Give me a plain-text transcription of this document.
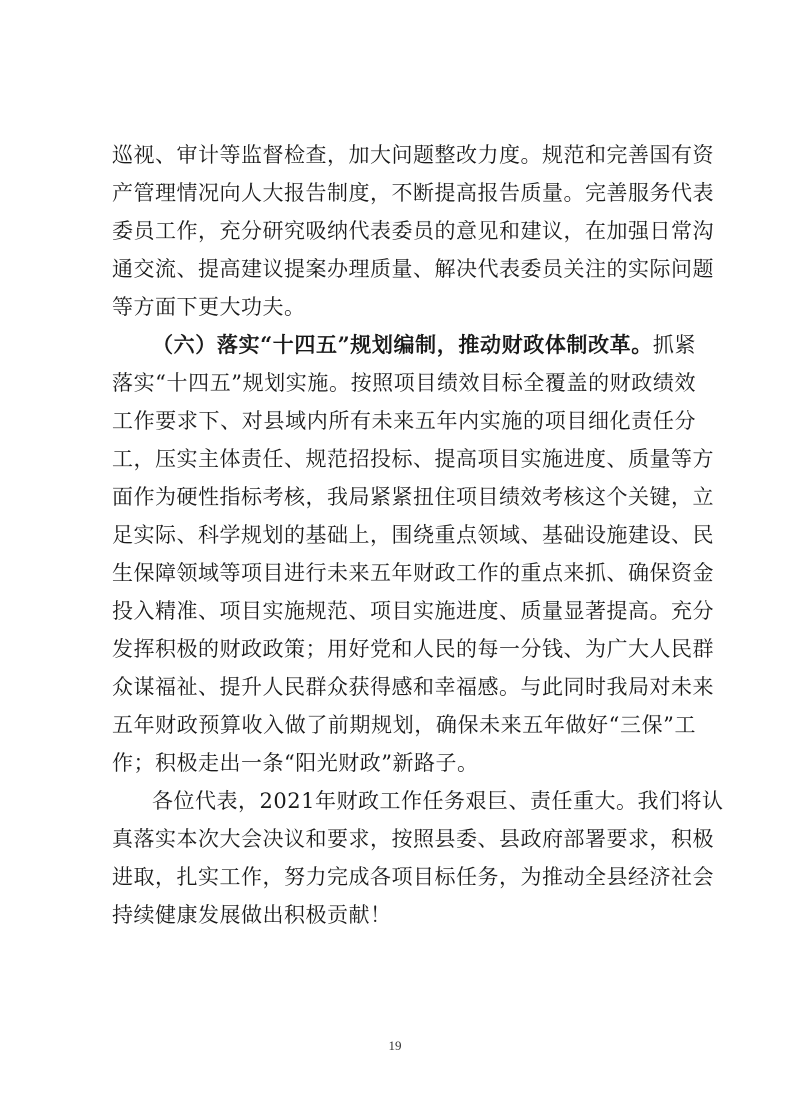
巡视、审计等监督检查，加大问题整改力度。规范和完善国有资
产管理情况向人大报告制度，不断提高报告质量。完善服务代表
委员工作，充分研究吸纳代表委员的意见和建议，在加强日常沟
通交流、提高建议提案办理质量、解决代表委员关注的实际问题
等方面下更大功夫。
（六）落实“十四五”规划编制，推动财政体制改革。抓紧
落实“十四五”规划实施。按照项目绩效目标全覆盖的财政绩效
工作要求下、对县域内所有未来五年内实施的项目细化责任分
工，压实主体责任、规范招投标、提高项目实施进度、质量等方
面作为硬性指标考核，我局紧紧扭住项目绩效考核这个关键，立
足实际、科学规划的基础上，围绕重点领域、基础设施建设、民
生保障领域等项目进行未来五年财政工作的重点来抓、确保资金
投入精准、项目实施规范、项目实施进度、质量显著提高。充分
发挥积极的财政政策；用好党和人民的每一分钱、为广大人民群
众谋福祉、提升人民群众获得感和幸福感。与此同时我局对未来
五年财政预算收入做了前期规划，确保未来五年做好“三保”工
作；积极走出一条“阳光财政”新路子。
各位代表，2021年财政工作任务艰巨、责任重大。我们将认
真落实本次大会决议和要求，按照县委、县政府部署要求，积极
进取，扎实工作，努力完成各项目标任务，为推动全县经济社会
持续健康发展做出积极贡献！
19
